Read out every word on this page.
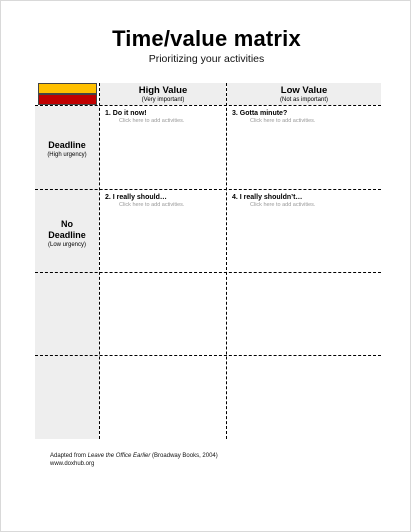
Time/value matrix
Prioritizing your activities
High Value
(Very important)
Low Value
(Not as important)
Deadline
(High urgency)
No Deadline
(Low urgency)
1. Do it now!
Click here to add activities.
3. Gotta minute?
Click here to add activities.
2. I really should…
Click here to add activities.
4. I really shouldn’t…
Click here to add activities.
Adapted from Leave the Office Earlier (Broadway Books, 2004)
www.doxhub.org
